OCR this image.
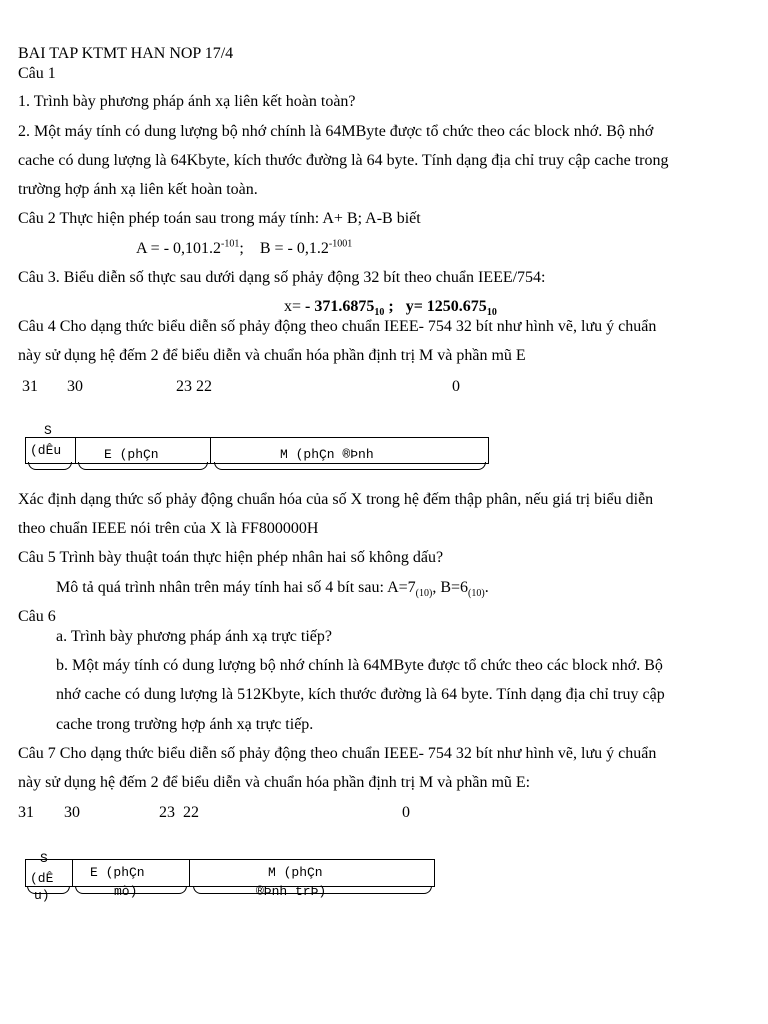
BAI TAP KTMT HAN NOP 17/4
Câu 1
1. Trình bày phương pháp ánh xạ liên kết hoàn toàn?
2. Một máy tính có dung lượng bộ nhớ chính là 64MByte được tổ chức theo các block nhớ. Bộ nhớ
cache có dung lượng là 64Kbyte, kích thước đường là 64 byte. Tính dạng địa chỉ truy cập cache trong
trường hợp ánh xạ liên kết hoàn toàn.
Câu 2 Thực hiện phép toán sau trong máy tính: A+ B; A-B biết
A = - $0,101.2^{-101}$; B = - $0,1.2^{-1001}$
Câu 3. Biểu diễn số thực sau dưới dạng số phảy động 32 bít theo chuẩn IEEE/754:
$x= - 371.6875_{10}$ ;   $y= 1250.675_{10}$
Câu 4 Cho dạng thức biểu diễn số phảy động theo chuẩn IEEE- 754 32 bít như hình vẽ, lưu ý chuẩn
này sử dụng hệ đếm 2 để biểu diễn và chuẩn hóa phần định trị M và phần mũ E
31 30	23 22	0
S
(dÊu	E (phÇn	M (phÇn ®Þnh
Xác định dạng thức số phảy động chuẩn hóa của số X trong hệ đếm thập phân, nếu giá trị biểu diễn
theo chuẩn IEEE nói trên của X là FF800000H
Câu 5 Trình bày thuật toán thực hiện phép nhân hai số không dấu?
Mô tả quá trình nhân trên máy tính hai số 4 bít sau: $A=7_{(10)}$, $B=6_{(10)}$.
Câu 6
a. Trình bày phương pháp ánh xạ trực tiếp?
b. Một máy tính có dung lượng bộ nhớ chính là 64MByte được tổ chức theo các block nhớ. Bộ
nhớ cache có dung lượng là 512Kbyte, kích thước đường là 64 byte. Tính dạng địa chỉ truy cập
cache trong trường hợp ánh xạ trực tiếp.
Câu 7 Cho dạng thức biểu diễn số phảy động theo chuẩn IEEE- 754 32 bít như hình vẽ, lưu ý chuẩn
này sử dụng hệ đếm 2 để biểu diễn và chuẩn hóa phần định trị M và phần mũ E:
31 30	23  22	0
S
(dÊ
u)
E (phÇn
mò)
M (phÇn
®Þnh trÞ)
